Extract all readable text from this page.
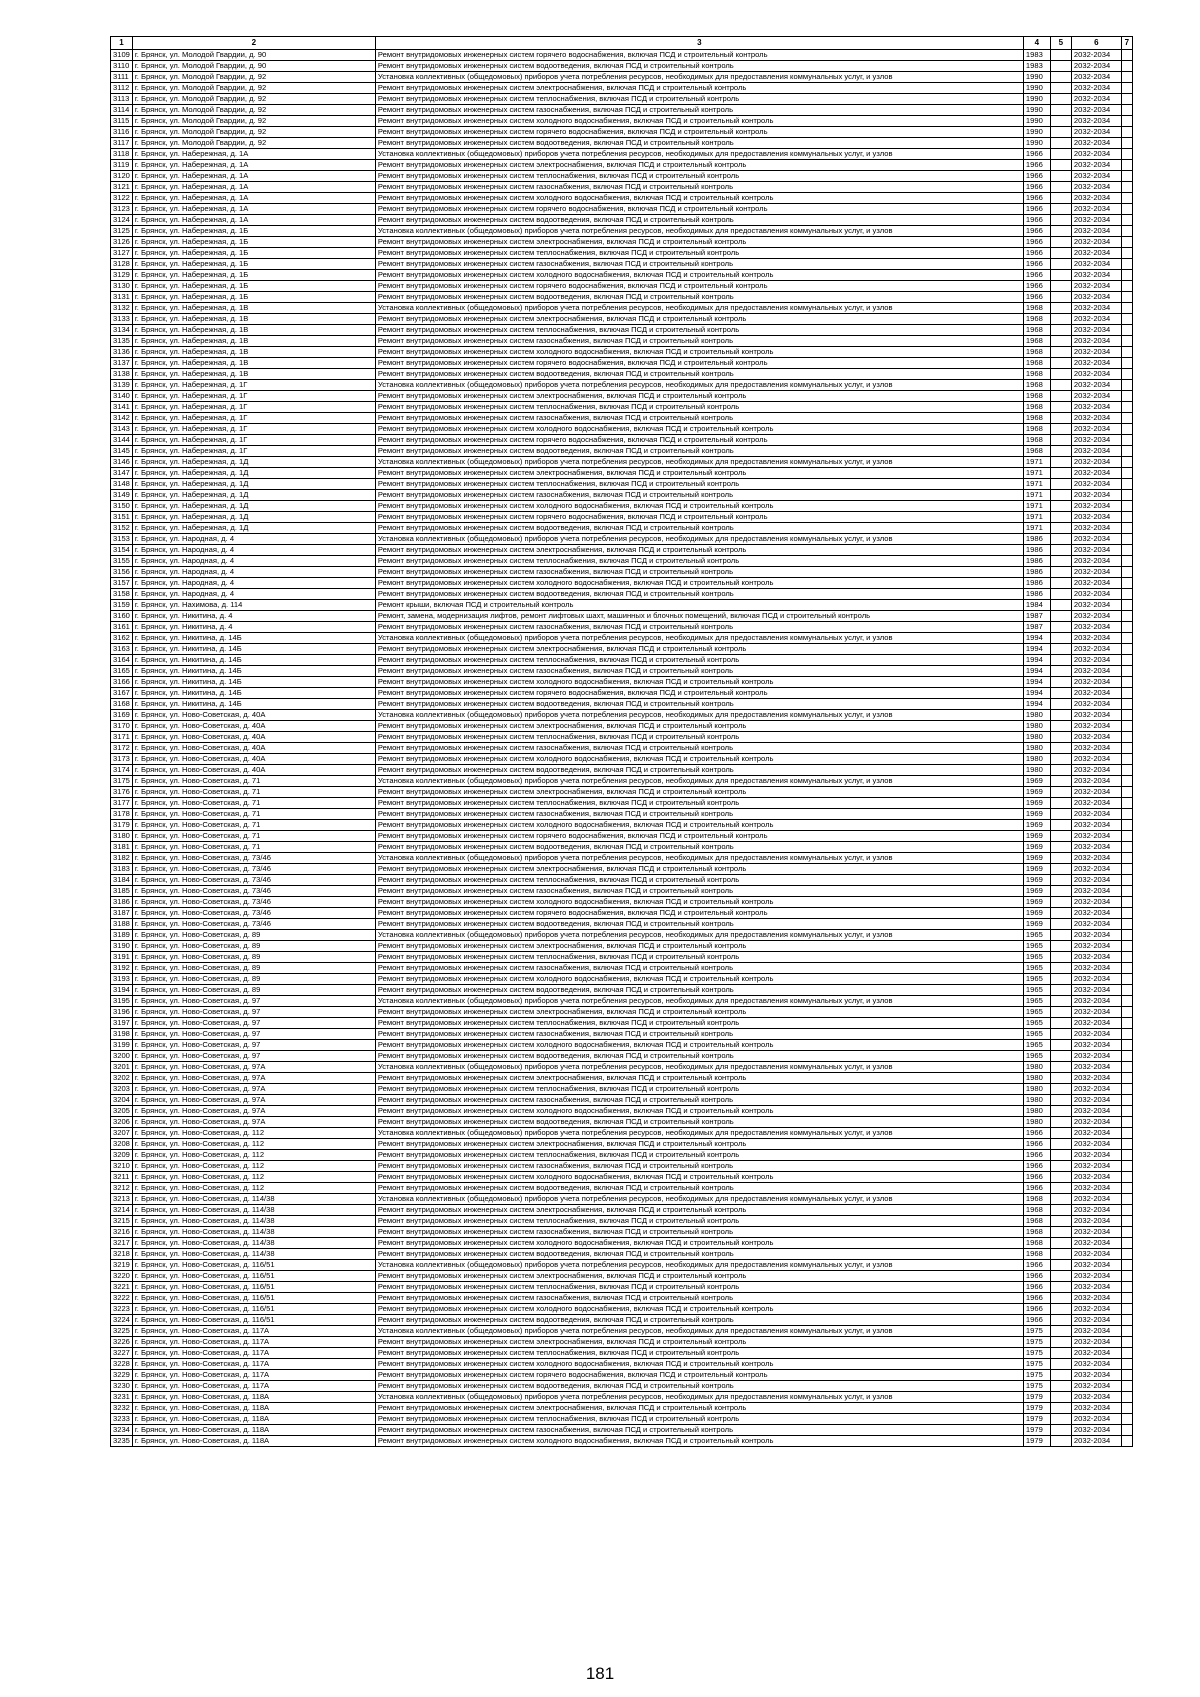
1	2	3	4	5	6	7
3109	г. Брянск, ул. Молодой Гвардии, д. 90	Ремонт внутридомовых инженерных систем горячего водоснабжения, включая ПСД и строительный контроль	1983		2032-2034	
3110	г. Брянск, ул. Молодой Гвардии, д. 90	Ремонт внутридомовых инженерных систем водоотведения, включая ПСД и строительный контроль	1983		2032-2034	
3111	г. Брянск, ул. Молодой Гвардии, д. 92	Установка коллективных (общедомовых) приборов учета потребления ресурсов, необходимых для предоставления коммунальных услуг, и узлов	1990		2032-2034	
3112	г. Брянск, ул. Молодой Гвардии, д. 92	Ремонт внутридомовых инженерных систем электроснабжения, включая ПСД и строительный контроль	1990		2032-2034	
3113	г. Брянск, ул. Молодой Гвардии, д. 92	Ремонт внутридомовых инженерных систем теплоснабжения, включая ПСД и строительный контроль	1990		2032-2034	
3114	г. Брянск, ул. Молодой Гвардии, д. 92	Ремонт внутридомовых инженерных систем газоснабжения, включая ПСД и строительный контроль	1990		2032-2034	
3115	г. Брянск, ул. Молодой Гвардии, д. 92	Ремонт внутридомовых инженерных систем холодного водоснабжения, включая ПСД и строительный контроль	1990		2032-2034	
3116	г. Брянск, ул. Молодой Гвардии, д. 92	Ремонт внутридомовых инженерных систем горячего водоснабжения, включая ПСД и строительный контроль	1990		2032-2034	
3117	г. Брянск, ул. Молодой Гвардии, д. 92	Ремонт внутридомовых инженерных систем водоотведения, включая ПСД и строительный контроль	1990		2032-2034	
3118	г. Брянск, ул. Набережная, д. 1А	Установка коллективных (общедомовых) приборов учета потребления ресурсов, необходимых для предоставления коммунальных услуг, и узлов	1966		2032-2034	
3119	г. Брянск, ул. Набережная, д. 1А	Ремонт внутридомовых инженерных систем электроснабжения, включая ПСД и строительный контроль	1966		2032-2034	
3120	г. Брянск, ул. Набережная, д. 1А	Ремонт внутридомовых инженерных систем теплоснабжения, включая ПСД и строительный контроль	1966		2032-2034	
3121	г. Брянск, ул. Набережная, д. 1А	Ремонт внутридомовых инженерных систем газоснабжения, включая ПСД и строительный контроль	1966		2032-2034	
3122	г. Брянск, ул. Набережная, д. 1А	Ремонт внутридомовых инженерных систем холодного водоснабжения, включая ПСД и строительный контроль	1966		2032-2034	
3123	г. Брянск, ул. Набережная, д. 1А	Ремонт внутридомовых инженерных систем горячего водоснабжения, включая ПСД и строительный контроль	1966		2032-2034	
3124	г. Брянск, ул. Набережная, д. 1А	Ремонт внутридомовых инженерных систем водоотведения, включая ПСД и строительный контроль	1966		2032-2034	
3125	г. Брянск, ул. Набережная, д. 1Б	Установка коллективных (общедомовых) приборов учета потребления ресурсов, необходимых для предоставления коммунальных услуг, и узлов	1966		2032-2034	
3126	г. Брянск, ул. Набережная, д. 1Б	Ремонт внутридомовых инженерных систем электроснабжения, включая ПСД и строительный контроль	1966		2032-2034	
3127	г. Брянск, ул. Набережная, д. 1Б	Ремонт внутридомовых инженерных систем теплоснабжения, включая ПСД и строительный контроль	1966		2032-2034	
3128	г. Брянск, ул. Набережная, д. 1Б	Ремонт внутридомовых инженерных систем газоснабжения, включая ПСД и строительный контроль	1966		2032-2034	
3129	г. Брянск, ул. Набережная, д. 1Б	Ремонт внутридомовых инженерных систем холодного водоснабжения, включая ПСД и строительный контроль	1966		2032-2034	
3130	г. Брянск, ул. Набережная, д. 1Б	Ремонт внутридомовых инженерных систем горячего водоснабжения, включая ПСД и строительный контроль	1966		2032-2034	
3131	г. Брянск, ул. Набережная, д. 1Б	Ремонт внутридомовых инженерных систем водоотведения, включая ПСД и строительный контроль	1966		2032-2034	
3132	г. Брянск, ул. Набережная, д. 1В	Установка коллективных (общедомовых) приборов учета потребления ресурсов, необходимых для предоставления коммунальных услуг, и узлов	1968		2032-2034	
3133	г. Брянск, ул. Набережная, д. 1В	Ремонт внутридомовых инженерных систем электроснабжения, включая ПСД и строительный контроль	1968		2032-2034	
3134	г. Брянск, ул. Набережная, д. 1В	Ремонт внутридомовых инженерных систем теплоснабжения, включая ПСД и строительный контроль	1968		2032-2034	
3135	г. Брянск, ул. Набережная, д. 1В	Ремонт внутридомовых инженерных систем газоснабжения, включая ПСД и строительный контроль	1968		2032-2034	
3136	г. Брянск, ул. Набережная, д. 1В	Ремонт внутридомовых инженерных систем холодного водоснабжения, включая ПСД и строительный контроль	1968		2032-2034	
3137	г. Брянск, ул. Набережная, д. 1В	Ремонт внутридомовых инженерных систем горячего водоснабжения, включая ПСД и строительный контроль	1968		2032-2034	
3138	г. Брянск, ул. Набережная, д. 1В	Ремонт внутридомовых инженерных систем водоотведения, включая ПСД и строительный контроль	1968		2032-2034	
3139	г. Брянск, ул. Набережная, д. 1Г	Установка коллективных (общедомовых) приборов учета потребления ресурсов, необходимых для предоставления коммунальных услуг, и узлов	1968		2032-2034	
3140	г. Брянск, ул. Набережная, д. 1Г	Ремонт внутридомовых инженерных систем электроснабжения, включая ПСД и строительный контроль	1968		2032-2034	
3141	г. Брянск, ул. Набережная, д. 1Г	Ремонт внутридомовых инженерных систем теплоснабжения, включая ПСД и строительный контроль	1968		2032-2034	
3142	г. Брянск, ул. Набережная, д. 1Г	Ремонт внутридомовых инженерных систем газоснабжения, включая ПСД и строительный контроль	1968		2032-2034	
3143	г. Брянск, ул. Набережная, д. 1Г	Ремонт внутридомовых инженерных систем холодного водоснабжения, включая ПСД и строительный контроль	1968		2032-2034	
3144	г. Брянск, ул. Набережная, д. 1Г	Ремонт внутридомовых инженерных систем горячего водоснабжения, включая ПСД и строительный контроль	1968		2032-2034	
3145	г. Брянск, ул. Набережная, д. 1Г	Ремонт внутридомовых инженерных систем водоотведения, включая ПСД и строительный контроль	1968		2032-2034	
3146	г. Брянск, ул. Набережная, д. 1Д	Установка коллективных (общедомовых) приборов учета потребления ресурсов, необходимых для предоставления коммунальных услуг, и узлов	1971		2032-2034	
3147	г. Брянск, ул. Набережная, д. 1Д	Ремонт внутридомовых инженерных систем электроснабжения, включая ПСД и строительный контроль	1971		2032-2034	
3148	г. Брянск, ул. Набережная, д. 1Д	Ремонт внутридомовых инженерных систем теплоснабжения, включая ПСД и строительный контроль	1971		2032-2034	
3149	г. Брянск, ул. Набережная, д. 1Д	Ремонт внутридомовых инженерных систем газоснабжения, включая ПСД и строительный контроль	1971		2032-2034	
3150	г. Брянск, ул. Набережная, д. 1Д	Ремонт внутридомовых инженерных систем холодного водоснабжения, включая ПСД и строительный контроль	1971		2032-2034	
3151	г. Брянск, ул. Набережная, д. 1Д	Ремонт внутридомовых инженерных систем горячего водоснабжения, включая ПСД и строительный контроль	1971		2032-2034	
3152	г. Брянск, ул. Набережная, д. 1Д	Ремонт внутридомовых инженерных систем водоотведения, включая ПСД и строительный контроль	1971		2032-2034	
3153	г. Брянск, ул. Народная, д. 4	Установка коллективных (общедомовых) приборов учета потребления ресурсов, необходимых для предоставления коммунальных услуг, и узлов	1986		2032-2034	
3154	г. Брянск, ул. Народная, д. 4	Ремонт внутридомовых инженерных систем электроснабжения, включая ПСД и строительный контроль	1986		2032-2034	
3155	г. Брянск, ул. Народная, д. 4	Ремонт внутридомовых инженерных систем теплоснабжения, включая ПСД и строительный контроль	1986		2032-2034	
3156	г. Брянск, ул. Народная, д. 4	Ремонт внутридомовых инженерных систем газоснабжения, включая ПСД и строительный контроль	1986		2032-2034	
3157	г. Брянск, ул. Народная, д. 4	Ремонт внутридомовых инженерных систем холодного водоснабжения, включая ПСД и строительный контроль	1986		2032-2034	
3158	г. Брянск, ул. Народная, д. 4	Ремонт внутридомовых инженерных систем водоотведения, включая ПСД и строительный контроль	1986		2032-2034	
3159	г. Брянск, ул. Нахимова, д. 114	Ремонт крыши, включая ПСД и строительный контроль	1984		2032-2034	
3160	г. Брянск, ул. Никитина, д. 4	Ремонт, замена, модернизация лифтов, ремонт лифтовых шахт, машинных и блочных помещений, включая ПСД и строительный контроль	1987		2032-2034	
3161	г. Брянск, ул. Никитина, д. 4	Ремонт внутридомовых инженерных систем газоснабжения, включая ПСД и строительный контроль	1987		2032-2034	
3162	г. Брянск, ул. Никитина, д. 14Б	Установка коллективных (общедомовых) приборов учета потребления ресурсов, необходимых для предоставления коммунальных услуг, и узлов	1994		2032-2034	
3163	г. Брянск, ул. Никитина, д. 14Б	Ремонт внутридомовых инженерных систем электроснабжения, включая ПСД и строительный контроль	1994		2032-2034	
3164	г. Брянск, ул. Никитина, д. 14Б	Ремонт внутридомовых инженерных систем теплоснабжения, включая ПСД и строительный контроль	1994		2032-2034	
3165	г. Брянск, ул. Никитина, д. 14Б	Ремонт внутридомовых инженерных систем газоснабжения, включая ПСД и строительный контроль	1994		2032-2034	
3166	г. Брянск, ул. Никитина, д. 14Б	Ремонт внутридомовых инженерных систем холодного водоснабжения, включая ПСД и строительный контроль	1994		2032-2034	
3167	г. Брянск, ул. Никитина, д. 14Б	Ремонт внутридомовых инженерных систем горячего водоснабжения, включая ПСД и строительный контроль	1994		2032-2034	
3168	г. Брянск, ул. Никитина, д. 14Б	Ремонт внутридомовых инженерных систем водоотведения, включая ПСД и строительный контроль	1994		2032-2034	
3169	г. Брянск, ул. Ново-Советская, д. 40А	Установка коллективных (общедомовых) приборов учета потребления ресурсов, необходимых для предоставления коммунальных услуг, и узлов	1980		2032-2034	
3170	г. Брянск, ул. Ново-Советская, д. 40А	Ремонт внутридомовых инженерных систем электроснабжения, включая ПСД и строительный контроль	1980		2032-2034	
3171	г. Брянск, ул. Ново-Советская, д. 40А	Ремонт внутридомовых инженерных систем теплоснабжения, включая ПСД и строительный контроль	1980		2032-2034	
3172	г. Брянск, ул. Ново-Советская, д. 40А	Ремонт внутридомовых инженерных систем газоснабжения, включая ПСД и строительный контроль	1980		2032-2034	
3173	г. Брянск, ул. Ново-Советская, д. 40А	Ремонт внутридомовых инженерных систем холодного водоснабжения, включая ПСД и строительный контроль	1980		2032-2034	
3174	г. Брянск, ул. Ново-Советская, д. 40А	Ремонт внутридомовых инженерных систем водоотведения, включая ПСД и строительный контроль	1980		2032-2034	
3175	г. Брянск, ул. Ново-Советская, д. 71	Установка коллективных (общедомовых) приборов учета потребления ресурсов, необходимых для предоставления коммунальных услуг, и узлов	1969		2032-2034	
3176	г. Брянск, ул. Ново-Советская, д. 71	Ремонт внутридомовых инженерных систем электроснабжения, включая ПСД и строительный контроль	1969		2032-2034	
3177	г. Брянск, ул. Ново-Советская, д. 71	Ремонт внутридомовых инженерных систем теплоснабжения, включая ПСД и строительный контроль	1969		2032-2034	
3178	г. Брянск, ул. Ново-Советская, д. 71	Ремонт внутридомовых инженерных систем газоснабжения, включая ПСД и строительный контроль	1969		2032-2034	
3179	г. Брянск, ул. Ново-Советская, д. 71	Ремонт внутридомовых инженерных систем холодного водоснабжения, включая ПСД и строительный контроль	1969		2032-2034	
3180	г. Брянск, ул. Ново-Советская, д. 71	Ремонт внутридомовых инженерных систем горячего водоснабжения, включая ПСД и строительный контроль	1969		2032-2034	
3181	г. Брянск, ул. Ново-Советская, д. 71	Ремонт внутридомовых инженерных систем водоотведения, включая ПСД и строительный контроль	1969		2032-2034	
3182	г. Брянск, ул. Ново-Советская, д. 73/46	Установка коллективных (общедомовых) приборов учета потребления ресурсов, необходимых для предоставления коммунальных услуг, и узлов	1969		2032-2034	
3183	г. Брянск, ул. Ново-Советская, д. 73/46	Ремонт внутридомовых инженерных систем электроснабжения, включая ПСД и строительный контроль	1969		2032-2034	
3184	г. Брянск, ул. Ново-Советская, д. 73/46	Ремонт внутридомовых инженерных систем теплоснабжения, включая ПСД и строительный контроль	1969		2032-2034	
3185	г. Брянск, ул. Ново-Советская, д. 73/46	Ремонт внутридомовых инженерных систем газоснабжения, включая ПСД и строительный контроль	1969		2032-2034	
3186	г. Брянск, ул. Ново-Советская, д. 73/46	Ремонт внутридомовых инженерных систем холодного водоснабжения, включая ПСД и строительный контроль	1969		2032-2034	
3187	г. Брянск, ул. Ново-Советская, д. 73/46	Ремонт внутридомовых инженерных систем горячего водоснабжения, включая ПСД и строительный контроль	1969		2032-2034	
3188	г. Брянск, ул. Ново-Советская, д. 73/46	Ремонт внутридомовых инженерных систем водоотведения, включая ПСД и строительный контроль	1969		2032-2034	
3189	г. Брянск, ул. Ново-Советская, д. 89	Установка коллективных (общедомовых) приборов учета потребления ресурсов, необходимых для предоставления коммунальных услуг, и узлов	1965		2032-2034	
3190	г. Брянск, ул. Ново-Советская, д. 89	Ремонт внутридомовых инженерных систем электроснабжения, включая ПСД и строительный контроль	1965		2032-2034	
3191	г. Брянск, ул. Ново-Советская, д. 89	Ремонт внутридомовых инженерных систем теплоснабжения, включая ПСД и строительный контроль	1965		2032-2034	
3192	г. Брянск, ул. Ново-Советская, д. 89	Ремонт внутридомовых инженерных систем газоснабжения, включая ПСД и строительный контроль	1965		2032-2034	
3193	г. Брянск, ул. Ново-Советская, д. 89	Ремонт внутридомовых инженерных систем холодного водоснабжения, включая ПСД и строительный контроль	1965		2032-2034	
3194	г. Брянск, ул. Ново-Советская, д. 89	Ремонт внутридомовых инженерных систем водоотведения, включая ПСД и строительный контроль	1965		2032-2034	
3195	г. Брянск, ул. Ново-Советская, д. 97	Установка коллективных (общедомовых) приборов учета потребления ресурсов, необходимых для предоставления коммунальных услуг, и узлов	1965		2032-2034	
3196	г. Брянск, ул. Ново-Советская, д. 97	Ремонт внутридомовых инженерных систем электроснабжения, включая ПСД и строительный контроль	1965		2032-2034	
3197	г. Брянск, ул. Ново-Советская, д. 97	Ремонт внутридомовых инженерных систем теплоснабжения, включая ПСД и строительный контроль	1965		2032-2034	
3198	г. Брянск, ул. Ново-Советская, д. 97	Ремонт внутридомовых инженерных систем газоснабжения, включая ПСД и строительный контроль	1965		2032-2034	
3199	г. Брянск, ул. Ново-Советская, д. 97	Ремонт внутридомовых инженерных систем холодного водоснабжения, включая ПСД и строительный контроль	1965		2032-2034	
3200	г. Брянск, ул. Ново-Советская, д. 97	Ремонт внутридомовых инженерных систем водоотведения, включая ПСД и строительный контроль	1965		2032-2034	
3201	г. Брянск, ул. Ново-Советская, д. 97А	Установка коллективных (общедомовых) приборов учета потребления ресурсов, необходимых для предоставления коммунальных услуг, и узлов	1980		2032-2034	
3202	г. Брянск, ул. Ново-Советская, д. 97А	Ремонт внутридомовых инженерных систем электроснабжения, включая ПСД и строительный контроль	1980		2032-2034	
3203	г. Брянск, ул. Ново-Советская, д. 97А	Ремонт внутридомовых инженерных систем теплоснабжения, включая ПСД и строительный контроль	1980		2032-2034	
3204	г. Брянск, ул. Ново-Советская, д. 97А	Ремонт внутридомовых инженерных систем газоснабжения, включая ПСД и строительный контроль	1980		2032-2034	
3205	г. Брянск, ул. Ново-Советская, д. 97А	Ремонт внутридомовых инженерных систем холодного водоснабжения, включая ПСД и строительный контроль	1980		2032-2034	
3206	г. Брянск, ул. Ново-Советская, д. 97А	Ремонт внутридомовых инженерных систем водоотведения, включая ПСД и строительный контроль	1980		2032-2034	
3207	г. Брянск, ул. Ново-Советская, д. 112	Установка коллективных (общедомовых) приборов учета потребления ресурсов, необходимых для предоставления коммунальных услуг, и узлов	1966		2032-2034	
3208	г. Брянск, ул. Ново-Советская, д. 112	Ремонт внутридомовых инженерных систем электроснабжения, включая ПСД и строительный контроль	1966		2032-2034	
3209	г. Брянск, ул. Ново-Советская, д. 112	Ремонт внутридомовых инженерных систем теплоснабжения, включая ПСД и строительный контроль	1966		2032-2034	
3210	г. Брянск, ул. Ново-Советская, д. 112	Ремонт внутридомовых инженерных систем газоснабжения, включая ПСД и строительный контроль	1966		2032-2034	
3211	г. Брянск, ул. Ново-Советская, д. 112	Ремонт внутридомовых инженерных систем холодного водоснабжения, включая ПСД и строительный контроль	1966		2032-2034	
3212	г. Брянск, ул. Ново-Советская, д. 112	Ремонт внутридомовых инженерных систем водоотведения, включая ПСД и строительный контроль	1966		2032-2034	
3213	г. Брянск, ул. Ново-Советская, д. 114/38	Установка коллективных (общедомовых) приборов учета потребления ресурсов, необходимых для предоставления коммунальных услуг, и узлов	1968		2032-2034	
3214	г. Брянск, ул. Ново-Советская, д. 114/38	Ремонт внутридомовых инженерных систем электроснабжения, включая ПСД и строительный контроль	1968		2032-2034	
3215	г. Брянск, ул. Ново-Советская, д. 114/38	Ремонт внутридомовых инженерных систем теплоснабжения, включая ПСД и строительный контроль	1968		2032-2034	
3216	г. Брянск, ул. Ново-Советская, д. 114/38	Ремонт внутридомовых инженерных систем газоснабжения, включая ПСД и строительный контроль	1968		2032-2034	
3217	г. Брянск, ул. Ново-Советская, д. 114/38	Ремонт внутридомовых инженерных систем холодного водоснабжения, включая ПСД и строительный контроль	1968		2032-2034	
3218	г. Брянск, ул. Ново-Советская, д. 114/38	Ремонт внутридомовых инженерных систем водоотведения, включая ПСД и строительный контроль	1968		2032-2034	
3219	г. Брянск, ул. Ново-Советская, д. 116/51	Установка коллективных (общедомовых) приборов учета потребления ресурсов, необходимых для предоставления коммунальных услуг, и узлов	1966		2032-2034	
3220	г. Брянск, ул. Ново-Советская, д. 116/51	Ремонт внутридомовых инженерных систем электроснабжения, включая ПСД и строительный контроль	1966		2032-2034	
3221	г. Брянск, ул. Ново-Советская, д. 116/51	Ремонт внутридомовых инженерных систем теплоснабжения, включая ПСД и строительный контроль	1966		2032-2034	
3222	г. Брянск, ул. Ново-Советская, д. 116/51	Ремонт внутридомовых инженерных систем газоснабжения, включая ПСД и строительный контроль	1966		2032-2034	
3223	г. Брянск, ул. Ново-Советская, д. 116/51	Ремонт внутридомовых инженерных систем холодного водоснабжения, включая ПСД и строительный контроль	1966		2032-2034	
3224	г. Брянск, ул. Ново-Советская, д. 116/51	Ремонт внутридомовых инженерных систем водоотведения, включая ПСД и строительный контроль	1966		2032-2034	
3225	г. Брянск, ул. Ново-Советская, д. 117А	Установка коллективных (общедомовых) приборов учета потребления ресурсов, необходимых для предоставления коммунальных услуг, и узлов	1975		2032-2034	
3226	г. Брянск, ул. Ново-Советская, д. 117А	Ремонт внутридомовых инженерных систем электроснабжения, включая ПСД и строительный контроль	1975		2032-2034	
3227	г. Брянск, ул. Ново-Советская, д. 117А	Ремонт внутридомовых инженерных систем теплоснабжения, включая ПСД и строительный контроль	1975		2032-2034	
3228	г. Брянск, ул. Ново-Советская, д. 117А	Ремонт внутридомовых инженерных систем холодного водоснабжения, включая ПСД и строительный контроль	1975		2032-2034	
3229	г. Брянск, ул. Ново-Советская, д. 117А	Ремонт внутридомовых инженерных систем горячего водоснабжения, включая ПСД и строительный контроль	1975		2032-2034	
3230	г. Брянск, ул. Ново-Советская, д. 117А	Ремонт внутридомовых инженерных систем водоотведения, включая ПСД и строительный контроль	1975		2032-2034	
3231	г. Брянск, ул. Ново-Советская, д. 118А	Установка коллективных (общедомовых) приборов учета потребления ресурсов, необходимых для предоставления коммунальных услуг, и узлов	1979		2032-2034	
3232	г. Брянск, ул. Ново-Советская, д. 118А	Ремонт внутридомовых инженерных систем электроснабжения, включая ПСД и строительный контроль	1979		2032-2034	
3233	г. Брянск, ул. Ново-Советская, д. 118А	Ремонт внутридомовых инженерных систем теплоснабжения, включая ПСД и строительный контроль	1979		2032-2034	
3234	г. Брянск, ул. Ново-Советская, д. 118А	Ремонт внутридомовых инженерных систем газоснабжения, включая ПСД и строительный контроль	1979		2032-2034	
3235	г. Брянск, ул. Ново-Советская, д. 118А	Ремонт внутридомовых инженерных систем холодного водоснабжения, включая ПСД и строительный контроль	1979		2032-2034	
181
